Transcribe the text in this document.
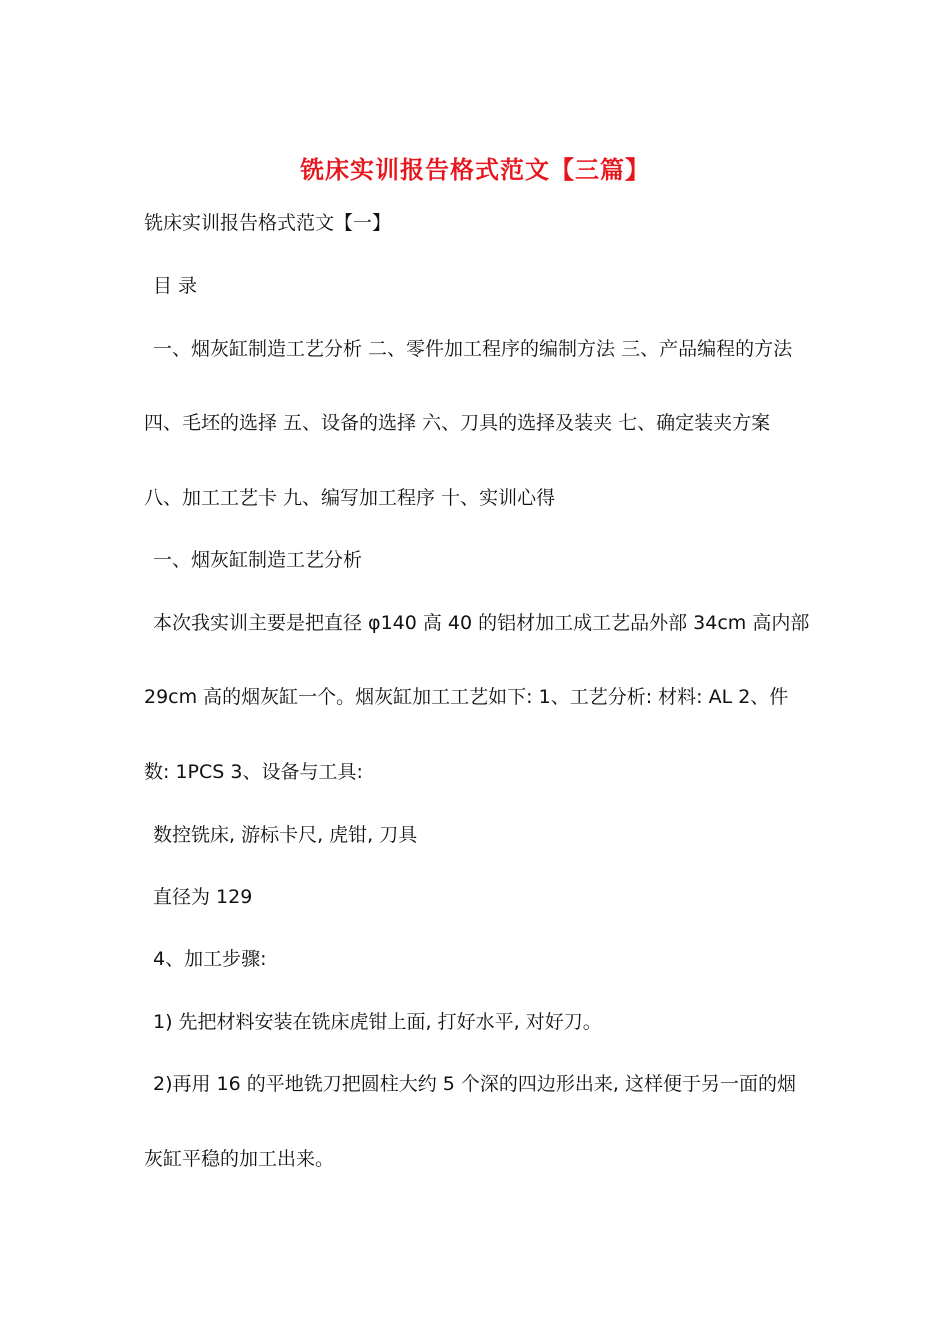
铣床实训报告格式范文【三篇】
铣床实训报告格式范文【一】
目 录
一、烟灰缸制造工艺分析 二、零件加工程序的编制方法 三、产品编程的方法
四、毛坯的选择 五、设备的选择 六、刀具的选择及装夹 七、确定装夹方案
八、加工工艺卡 九、编写加工程序 十、实训心得
一、烟灰缸制造工艺分析
本次我实训主要是把直径 φ140 高 40 的铝材加工成工艺品外部 34cm 高内部
29cm 高的烟灰缸一个。烟灰缸加工工艺如下: 1、工艺分析: 材料: AL 2、件
数: 1PCS 3、设备与工具:
数控铣床, 游标卡尺, 虎钳, 刀具
直径为 129
4、加工步骤:
1) 先把材料安装在铣床虎钳上面, 打好水平, 对好刀。
2)再用 16 的平地铣刀把圆柱大约 5 个深的四边形出来, 这样便于另一面的烟
灰缸平稳的加工出来。
